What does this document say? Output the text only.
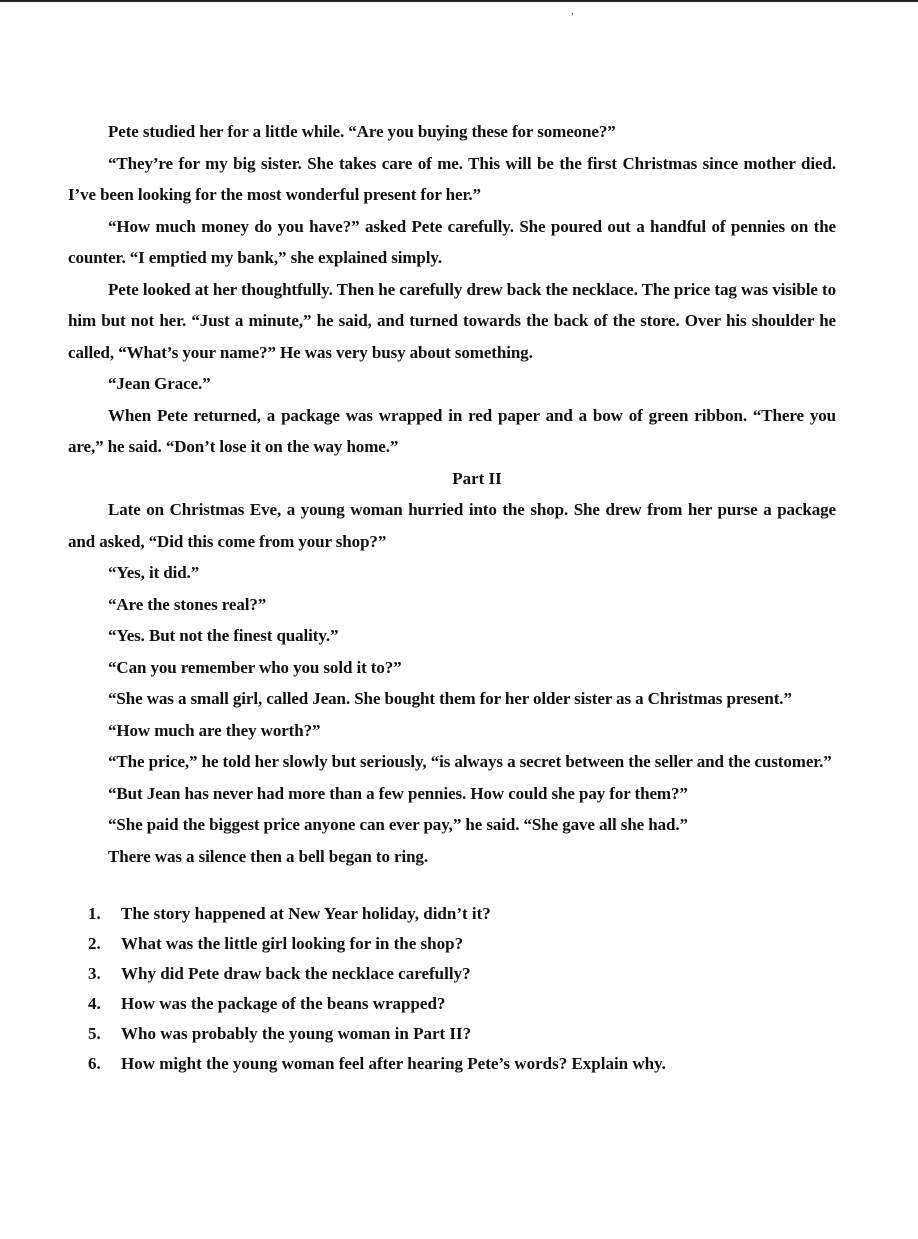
,

Pete studied her for a little while. “Are you buying these for someone?”

“They’re for my big sister. She takes care of me. This will be the first Christmas since mother died. I’ve been looking for the most wonderful present for her.”

“How much money do you have?” asked Pete carefully. She poured out a handful of pennies on the counter. “I emptied my bank,” she explained simply.

Pete looked at her thoughtfully. Then he carefully drew back the necklace. The price tag was visible to him but not her. “Just a minute,” he said, and turned towards the back of the store. Over his shoulder he called, “What’s your name?” He was very busy about something.

“Jean Grace.”

When Pete returned, a package was wrapped in red paper and a bow of green ribbon. “There you are,” he said. “Don’t lose it on the way home.”

Part II

Late on Christmas Eve, a young woman hurried into the shop. She drew from her purse a package and asked, “Did this come from your shop?”

“Yes, it did.”

“Are the stones real?”

“Yes. But not the finest quality.”

“Can you remember who you sold it to?”

“She was a small girl, called Jean. She bought them for her older sister as a Christmas present.”

“How much are they worth?”

“The price,” he told her slowly but seriously, “is always a secret between the seller and the customer.”

“But Jean has never had more than a few pennies. How could she pay for them?”

“She paid the biggest price anyone can ever pay,” he said. “She gave all she had.”

There was a silence then a bell began to ring.

1.	The story happened at New Year holiday, didn’t it?
2.	What was the little girl looking for in the shop?
3.	Why did Pete draw back the necklace carefully?
4.	How was the package of the beans wrapped?
5.	Who was probably the young woman in Part II?
6.	How might the young woman feel after hearing Pete’s words? Explain why.
